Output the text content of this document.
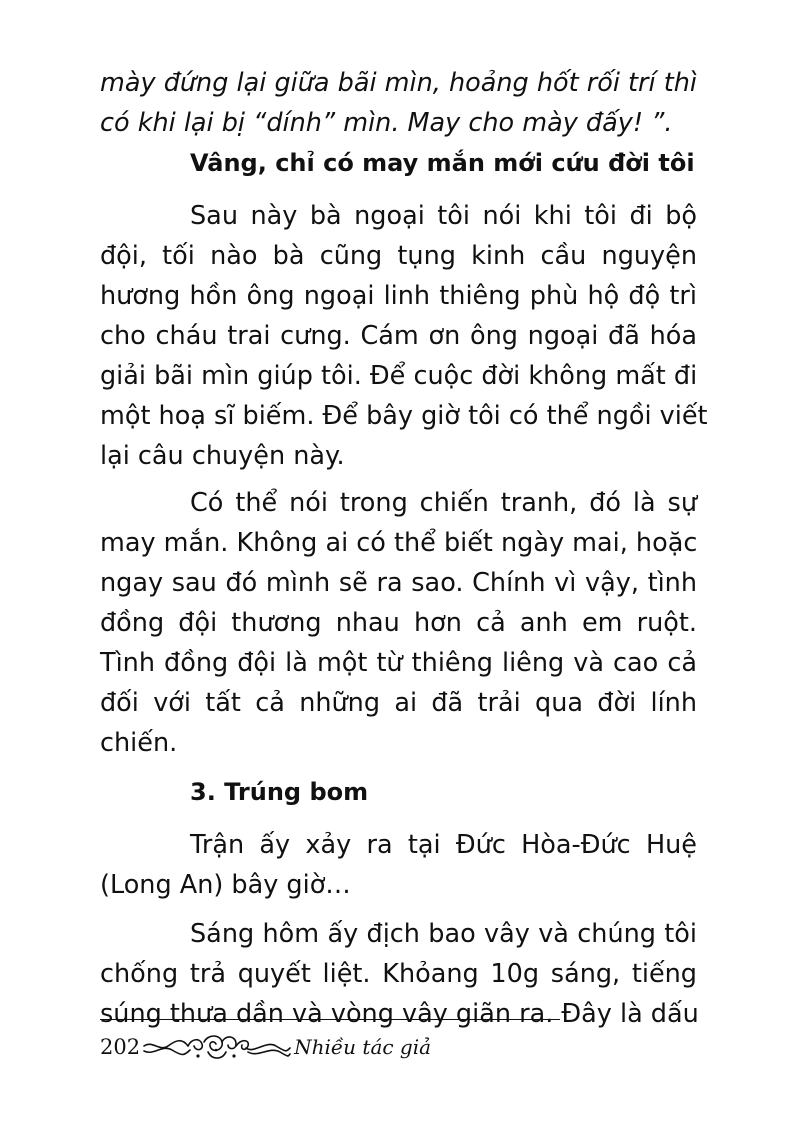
mày đứng lại giữa bãi mìn, hoảng hốt rối trí thì

có khi lại bị “dính” mìn. May cho mày đấy! ”.

Vâng, chỉ có may mắn mới cứu đời tôi

Sau này bà ngoại tôi nói khi tôi đi bộ

đội, tối nào bà cũng tụng kinh cầu nguyện

hương hồn ông ngoại linh thiêng phù hộ độ trì

cho cháu trai cưng. Cám ơn ông ngoại đã hóa

giải bãi mìn giúp tôi. Để cuộc đời không mất đi

một hoạ sĩ biếm. Để bây giờ tôi có thể ngồi viết

lại câu chuyện này.

Có thể nói trong chiến tranh, đó là sự

may mắn. Không ai có thể biết ngày mai, hoặc

ngay sau đó mình sẽ ra sao. Chính vì vậy, tình

đồng đội thương nhau hơn cả anh em ruột.

Tình đồng đội là một từ thiêng liêng và cao cả

đối với tất cả những ai đã trải qua đời lính

chiến.

3. Trúng bom

Trận ấy xảy ra tại Đức Hòa-Đức Huệ

(Long An) bây giờ…

Sáng hôm ấy địch bao vây và chúng tôi

chống trả quyết liệt. Khỏang 10g sáng, tiếng

súng thưa dần và vòng vây giãn ra. Đây là dấu

202	Nhiều tác giả
